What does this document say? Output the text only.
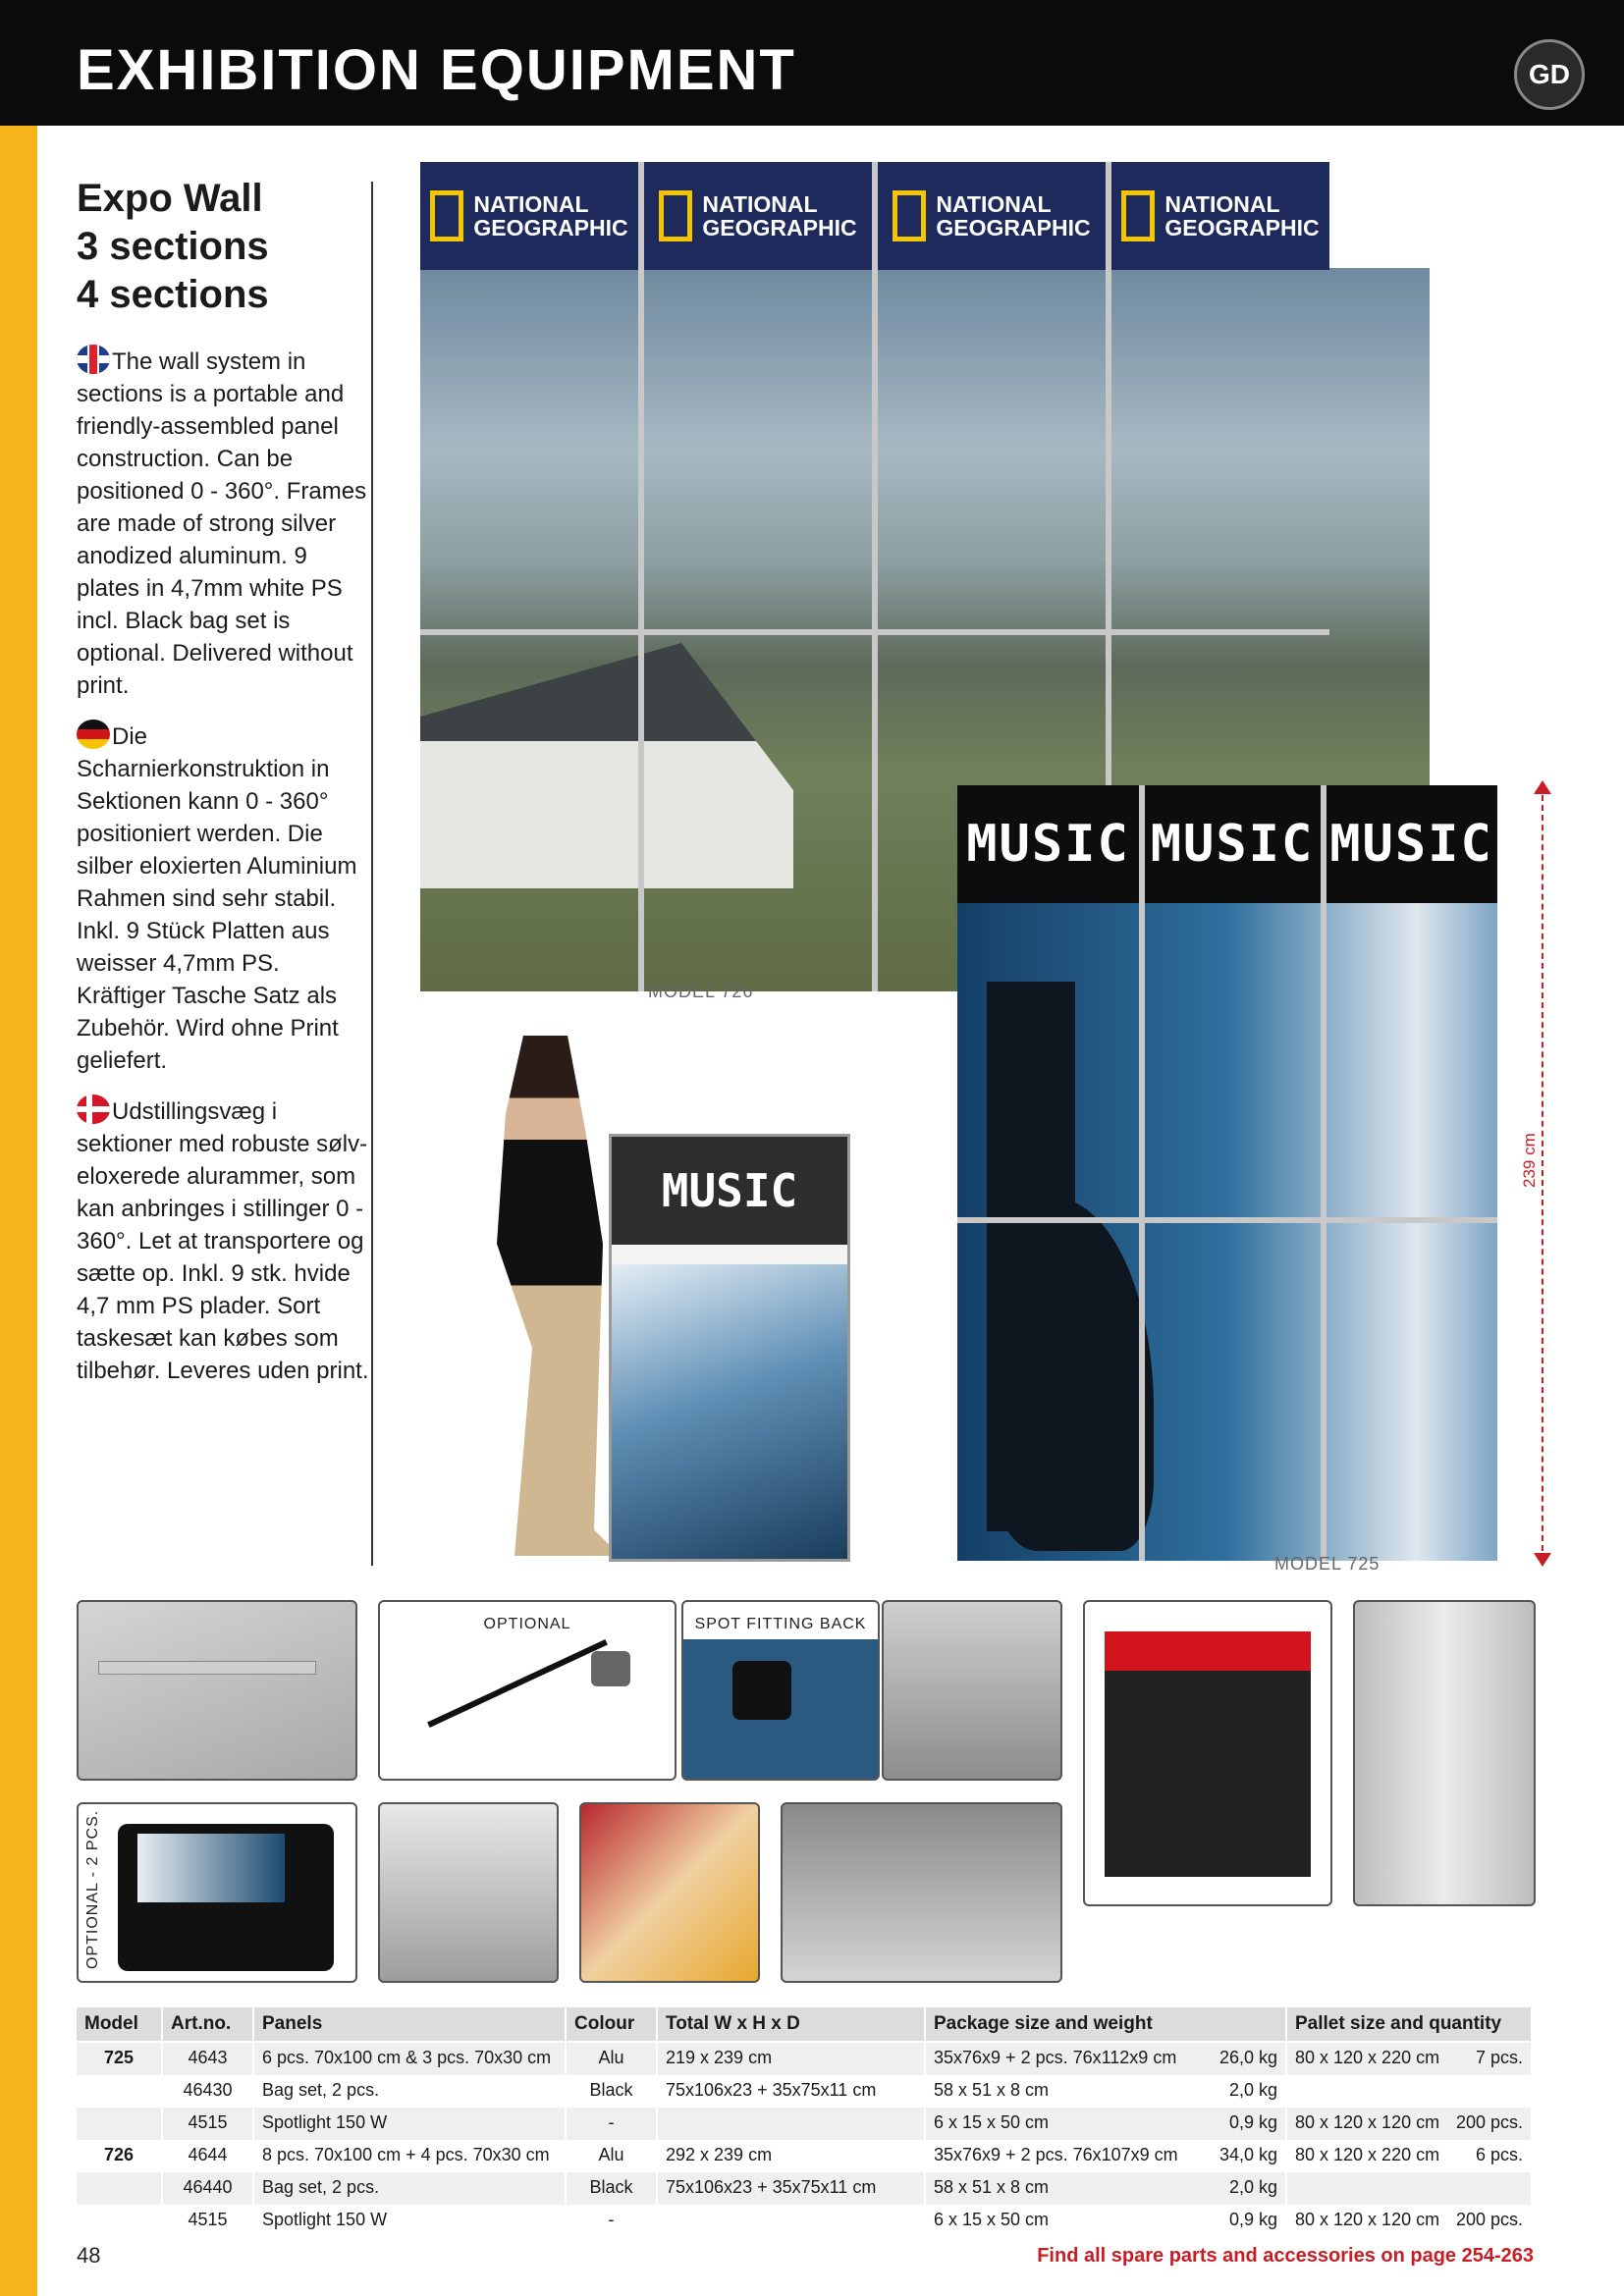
EXHIBITION EQUIPMENT	GD
Expo Wall
3 sections
4 sections
The wall system in sections is a portable and friendly-assembled panel construction. Can be positioned 0 - 360°. Frames are made of strong silver anodized aluminum. 9 plates in 4,7mm white PS incl. Black bag set is optional. Delivered without print.
Die Scharnierkonstruktion in Sektionen kann 0 - 360° positioniert werden. Die silber eloxierten Aluminium Rahmen sind sehr stabil. Inkl. 9 Stück Platten aus weisser 4,7mm PS. Kräftiger Tasche Satz als Zubehör. Wird ohne Print geliefert.
Udstillingsvæg i sektioner med robuste sølv-eloxerede alurammer, som kan anbringes i stillinger 0 - 360°. Let at transportere og sætte op. Inkl. 9 stk. hvide 4,7 mm PS plader. Sort taskesæt kan købes som tilbehør. Leveres uden print.
NATIONAL
GEOGRAPHIC
NATIONAL
GEOGRAPHIC
NATIONAL
GEOGRAPHIC
NATIONAL
GEOGRAPHIC
MODEL 726
MUSIC MUSIC MUSIC
MODEL 725
239 cm
MUSIC
OPTIONAL	SPOT FITTING BACK
OPTIONAL - 2 PCS.
Model	Art.no.	Panels	Colour	Total W x H x D	Package size and weight	Pallet size and quantity
725	4643	6 pcs. 70x100 cm & 3 pcs. 70x30 cm	Alu	219 x 239 cm	35x76x9 + 2 pcs. 76x112x9 cm 26,0 kg	80 x 120 x 220 cm 7 pcs.

	46430	Bag set, 2 pcs.	Black	75x106x23 + 35x75x11 cm	58 x 51 x 8 cm 2,0 kg	

	4515	Spotlight 150 W	-		6 x 15 x 50 cm 0,9 kg	80 x 120 x 120 cm 200 pcs.

726	4644	8 pcs. 70x100 cm + 4 pcs. 70x30 cm	Alu	292 x 239 cm	35x76x9 + 2 pcs. 76x107x9 cm 34,0 kg	80 x 120 x 220 cm 6 pcs.

	46440	Bag set, 2 pcs.	Black	75x106x23 + 35x75x11 cm	58 x 51 x 8 cm 2,0 kg	

	4515	Spotlight 150 W	-		6 x 15 x 50 cm 0,9 kg	80 x 120 x 120 cm 200 pcs.
48	Find all spare parts and accessories on page 254-263
